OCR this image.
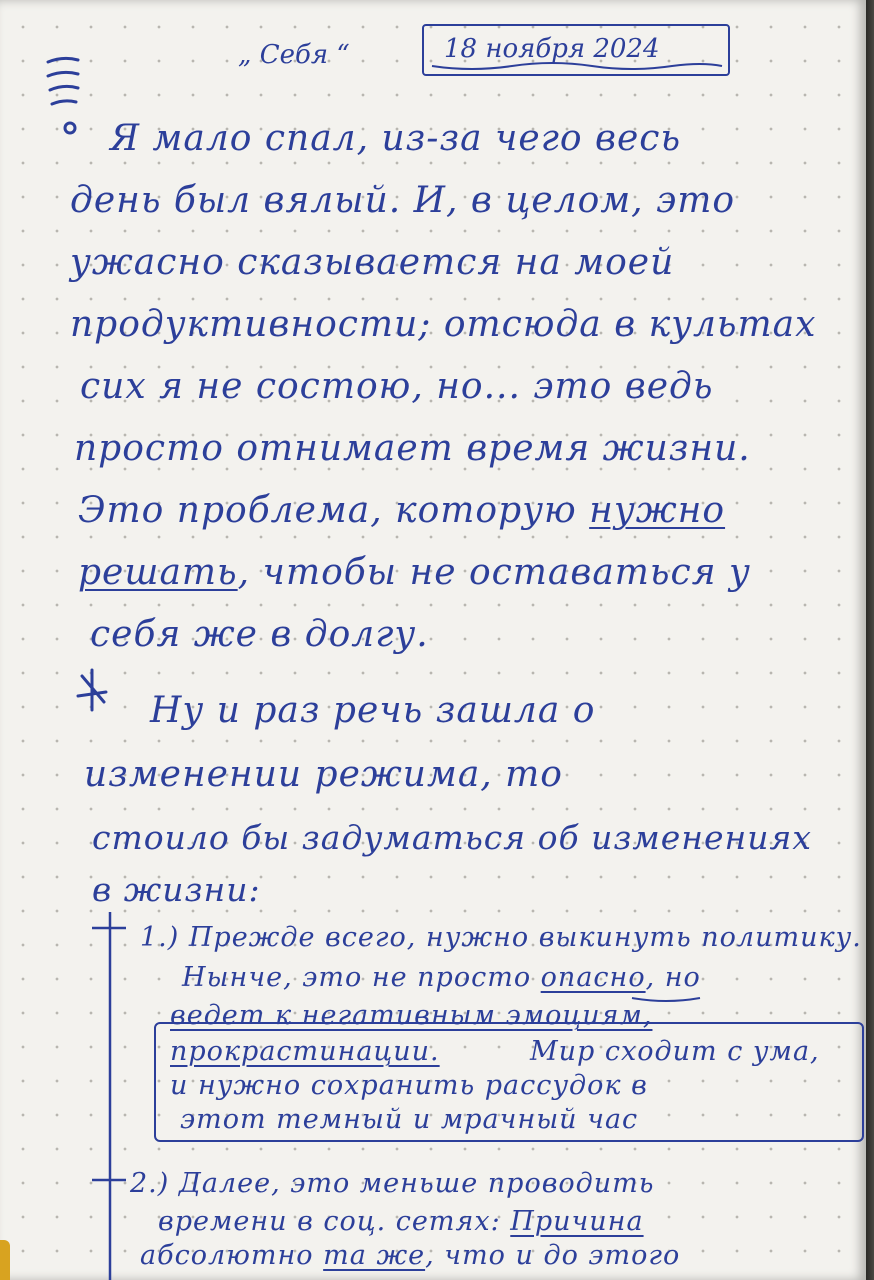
„ Себя “	18 ноября 2024
Я мало спал, из-за чего весь
день был вялый. И, в целом, это
ужасно сказывается на моей
продуктивности; отсюда в культах
сих я не состою, но... это ведь
просто отнимает время жизни.
Это проблема, которую нужно
решать, чтобы не оставаться у
себя же в долгу.
Ну и раз речь зашла о
изменении режима, то
стоило бы задуматься об изменениях
в жизни:
1.) Прежде всего, нужно выкинуть политику.
Нынче, это не просто опасно, но
ведет к негативным эмоциям,
прокрастинации.	Мир сходит с ума,
и нужно сохранить рассудок в
этот темный и мрачный час
2.) Далее, это меньше проводить
времени в соц. сетях: Причина
абсолютно та же, что и до этого
